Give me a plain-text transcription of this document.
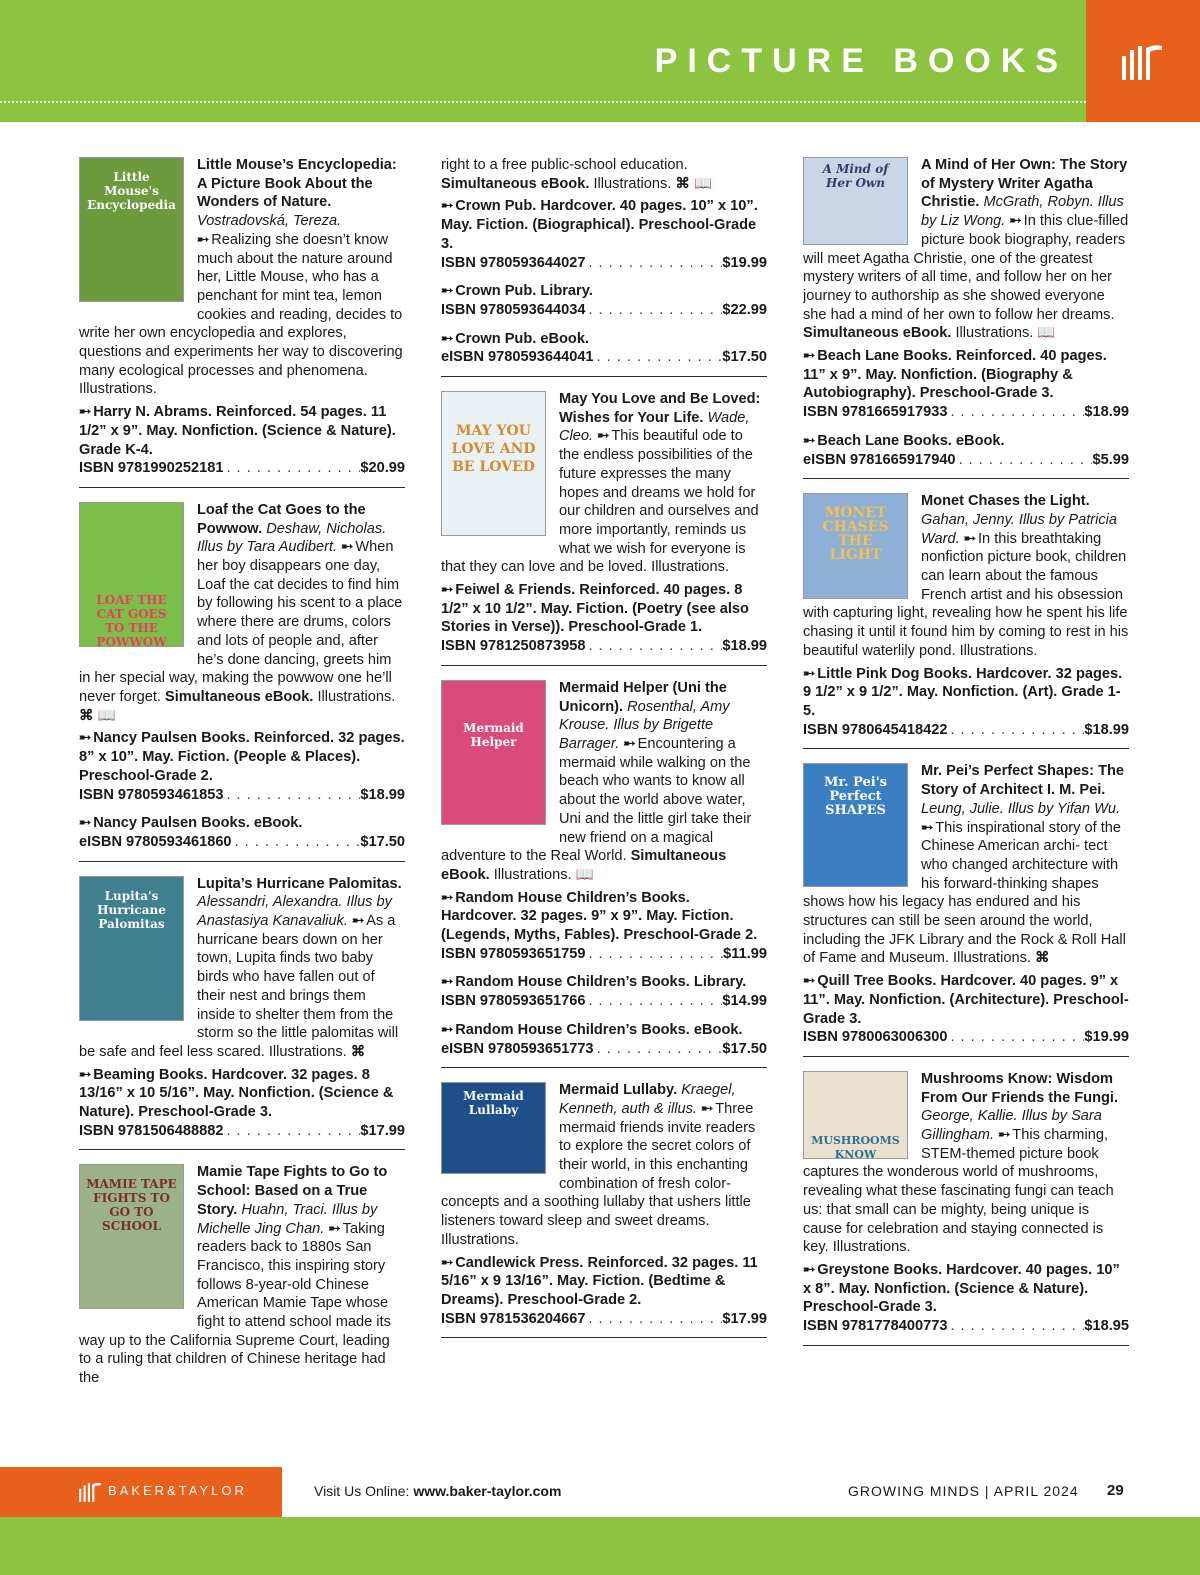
PICTURE BOOKS
Little Mouse's Encyclopedia
Little Mouse’s Encyclopedia: A Picture Book About the Wonders of Nature. Vostradovská, Tereza. ➸ Realizing she doesn’t know much about the nature around her, Little Mouse, who has a penchant for mint tea, lemon cookies and reading, decides to write her own encyclopedia and explores, questions and experiments her way to discovering many ecological processes and phenomena. Illustrations.
➸ Harry N. Abrams. Reinforced. 54 pages. 11 1/2” x 9”. May. Nonfiction. (Science & Nature). Grade K-4.
ISBN 9781990252181 . . .	$20.99
LOAF THE CAT GOES TO THE POWWOW
Loaf the Cat Goes to the Powwow. Deshaw, Nicholas. Illus by Tara Audibert. ➸ When her boy disappears one day, Loaf the cat decides to find him by following his scent to a place where there are drums, colors and lots of people and, after he’s done dancing, greets him in her special way, making the powwow one he’ll never forget. Simultaneous eBook. Illustrations. ⌘ 📖
➸ Nancy Paulsen Books. Reinforced. 32 pages. 8” x 10”. May. Fiction. (People & Places). Preschool-Grade 2.
ISBN 9780593461853 . . .	$18.99
➸ Nancy Paulsen Books. eBook.
eISBN 9780593461860 . . .	$17.50
Lupita's Hurricane Palomitas
Lupita’s Hurricane Palomitas. Alessandri, Alexandra. Illus by Anastasiya Kanavaliuk. ➸ As a hurricane bears down on her town, Lupita finds two baby birds who have fallen out of their nest and brings them inside to shelter them from the storm so the little palomitas will be safe and feel less scared. Illustrations. ⌘
➸ Beaming Books. Hardcover. 32 pages. 8 13/16” x 10 5/16”. May. Nonfiction. (Science & Nature). Preschool-Grade 3.
ISBN 9781506488882 . . .	$17.99
MAMIE TAPE FIGHTS TO GO TO SCHOOL
Mamie Tape Fights to Go to School: Based on a True Story. Huahn, Traci. Illus by Michelle Jing Chan. ➸ Taking readers back to 1880s San Francisco, this inspiring story follows 8-year-old Chinese American Mamie Tape whose fight to attend school made its way up to the California Supreme Court, leading to a ruling that children of Chinese heritage had the
right to a free public-school education. Simultaneous eBook. Illustrations. ⌘ 📖
➸ Crown Pub. Hardcover. 40 pages. 10” x 10”. May. Fiction. (Biographical). Preschool-Grade 3.
ISBN 9780593644027 . . .	$19.99
➸ Crown Pub. Library.
ISBN 9780593644034 . . .	$22.99
➸ Crown Pub. eBook.
eISBN 9780593644041 . . .	$17.50
MAY YOU LOVE AND BE LOVED
May You Love and Be Loved: Wishes for Your Life. Wade, Cleo. ➸ This beautiful ode to the endless possibilities of the future expresses the many hopes and dreams we hold for our children and ourselves and more importantly, reminds us what we wish for everyone is that they can love and be loved. Illustrations.
➸ Feiwel & Friends. Reinforced. 40 pages. 8 1/2” x 10 1/2”. May. Fiction. (Poetry (see also Stories in Verse)). Preschool-Grade 1.
ISBN 9781250873958 . . .	$18.99
Mermaid Helper
Mermaid Helper (Uni the Unicorn). Rosenthal, Amy Krouse. Illus by Brigette Barrager. ➸ Encountering a mermaid while walking on the beach who wants to know all about the world above water, Uni and the little girl take their new friend on a magical adventure to the Real World. Simultaneous eBook. Illustrations. 📖
➸ Random House Children’s Books. Hardcover. 32 pages. 9” x 9”. May. Fiction. (Legends, Myths, Fables). Preschool-Grade 2.
ISBN 9780593651759 . . .	$11.99
➸ Random House Children’s Books. Library.
ISBN 9780593651766 . . .	$14.99
➸ Random House Children’s Books. eBook.
eISBN 9780593651773 . . .	$17.50
Mermaid Lullaby
Mermaid Lullaby. Kraegel, Kenneth, auth & illus. ➸ Three mermaid friends invite readers to explore the secret colors of their world, in this enchanting combination of fresh color-concepts and a soothing lullaby that ushers little listeners toward sleep and sweet dreams. Illustrations.
➸ Candlewick Press. Reinforced. 32 pages. 11 5/16” x 9 13/16”. May. Fiction. (Bedtime & Dreams). Preschool-Grade 2.
ISBN 9781536204667 . . .	$17.99
A Mind of Her Own
A Mind of Her Own: The Story of Mystery Writer Agatha Christie. McGrath, Robyn. Illus by Liz Wong. ➸ In this clue-filled picture book biography, readers will meet Agatha Christie, one of the greatest mystery writers of all time, and follow her on her journey to authorship as she showed everyone she had a mind of her own to follow her dreams. Simultaneous eBook. Illustrations. 📖
➸ Beach Lane Books. Reinforced. 40 pages. 11” x 9”. May. Nonfiction. (Biography & Autobiography). Preschool-Grade 3.
ISBN 9781665917933 . . .	$18.99
➸ Beach Lane Books. eBook.
eISBN 9781665917940 . . .	$5.99
MONET CHASES THE LIGHT
Monet Chases the Light. Gahan, Jenny. Illus by Patricia Ward. ➸ In this breathtaking nonfiction picture book, children can learn about the famous French artist and his obsession with capturing light, revealing how he spent his life chasing it until it found him by coming to rest in his beautiful waterlily pond. Illustrations.
➸ Little Pink Dog Books. Hardcover. 32 pages. 9 1/2” x 9 1/2”. May. Nonfiction. (Art). Grade 1-5.
ISBN 9780645418422 . . .	$18.99
Mr. Pei's Perfect SHAPES
Mr. Pei’s Perfect Shapes: The Story of Architect I. M. Pei. Leung, Julie. Illus by Yifan Wu. ➸ This inspirational story of the Chinese American archi- tect who changed architecture with his forward-thinking shapes shows how his legacy has endured and his structures can still be seen around the world, including the JFK Library and the Rock & Roll Hall of Fame and Museum. Illustrations. ⌘
➸ Quill Tree Books. Hardcover. 40 pages. 9” x 11”. May. Nonfiction. (Architecture). Preschool-Grade 3.
ISBN 9780063006300 . . .	$19.99
MUSHROOMS KNOW
Mushrooms Know: Wisdom From Our Friends the Fungi. George, Kallie. Illus by Sara Gillingham. ➸ This charming, STEM-themed picture book captures the wonderous world of mushrooms, revealing what these fascinating fungi can teach us: that small can be mighty, being unique is cause for celebration and staying connected is key. Illustrations.
➸ Greystone Books. Hardcover. 40 pages. 10” x 8”. May. Nonfiction. (Science & Nature). Preschool-Grade 3.
ISBN 9781778400773 . . .	$18.95
BAKER&TAYLOR	Visit Us Online: www.baker-taylor.com	GROWING MINDS | APRIL 2024 29
